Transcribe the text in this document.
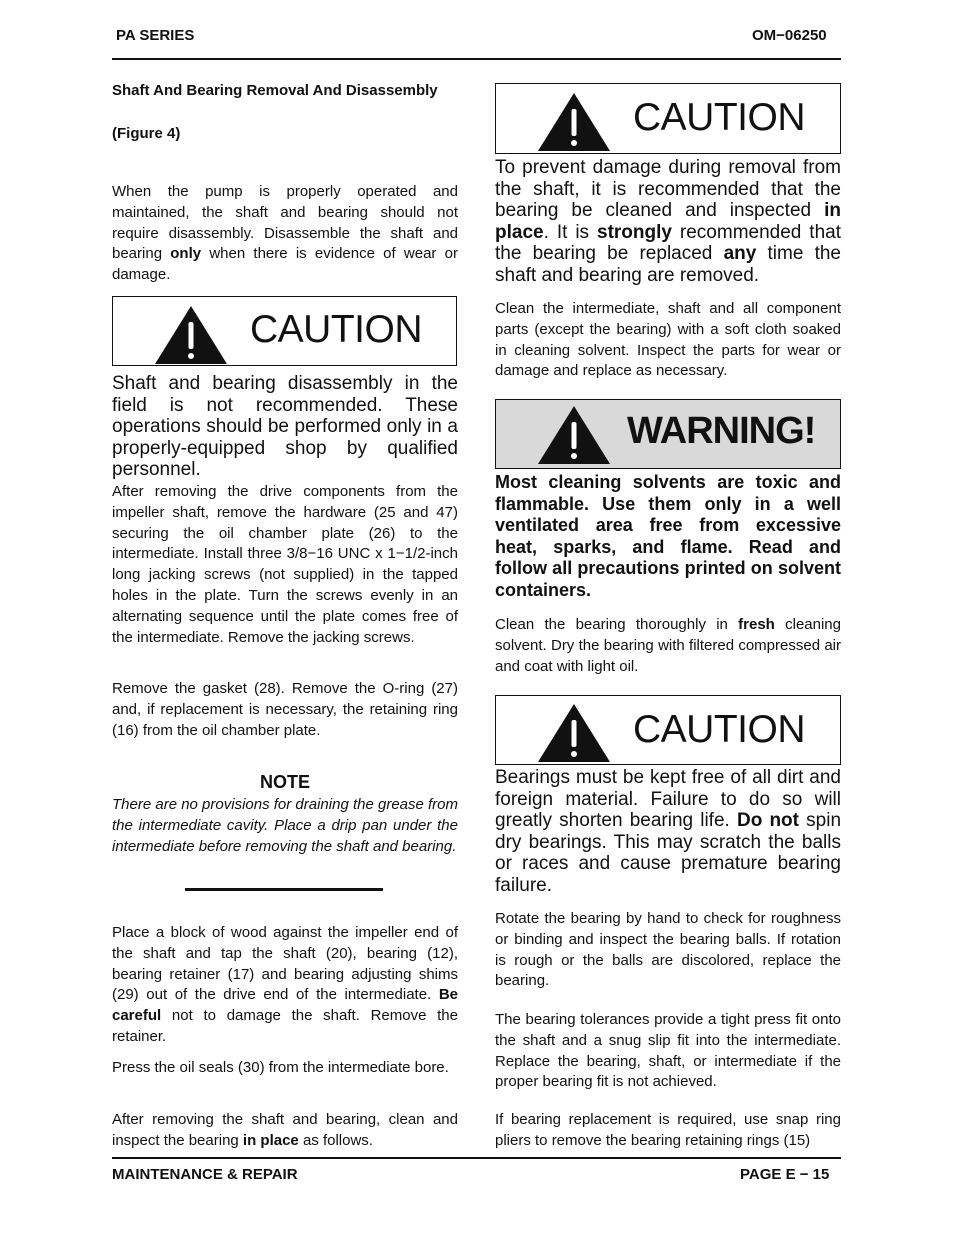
PA SERIES	OM−06250
Shaft And Bearing Removal And Disassembly
(Figure 4)
When the pump is properly operated and maintained, the shaft and bearing should not require disassembly. Disassemble the shaft and bearing only when there is evidence of wear or damage.
CAUTION
Shaft and bearing disassembly in the field is not recommended. These operations should be performed only in a properly-equipped shop by qualified personnel.
After removing the drive components from the impeller shaft, remove the hardware (25 and 47) securing the oil chamber plate (26) to the intermediate. Install three 3/8−16 UNC x 1−1/2-inch long jacking screws (not supplied) in the tapped holes in the plate. Turn the screws evenly in an alternating sequence until the plate comes free of the intermediate. Remove the jacking screws.
Remove the gasket (28). Remove the O-ring (27) and, if replacement is necessary, the retaining ring (16) from the oil chamber plate.
NOTE
There are no provisions for draining the grease from the intermediate cavity. Place a drip pan under the intermediate before removing the shaft and bearing.
Place a block of wood against the impeller end of the shaft and tap the shaft (20), bearing (12), bearing retainer (17) and bearing adjusting shims (29) out of the drive end of the intermediate. Be careful not to damage the shaft. Remove the retainer.
Press the oil seals (30) from the intermediate bore.
After removing the shaft and bearing, clean and inspect the bearing in place as follows.
CAUTION
To prevent damage during removal from the shaft, it is recommended that the bearing be cleaned and inspected in place. It is strongly recommended that the bearing be replaced any time the shaft and bearing are removed.
Clean the intermediate, shaft and all component parts (except the bearing) with a soft cloth soaked in cleaning solvent. Inspect the parts for wear or damage and replace as necessary.
WARNING!
Most cleaning solvents are toxic and flammable. Use them only in a well ventilated area free from excessive heat, sparks, and flame. Read and follow all precautions printed on solvent containers.
Clean the bearing thoroughly in fresh cleaning solvent. Dry the bearing with filtered compressed air and coat with light oil.
CAUTION
Bearings must be kept free of all dirt and foreign material. Failure to do so will greatly shorten bearing life. Do not spin dry bearings. This may scratch the balls or races and cause premature bearing failure.
Rotate the bearing by hand to check for roughness or binding and inspect the bearing balls. If rotation is rough or the balls are discolored, replace the bearing.
The bearing tolerances provide a tight press fit onto the shaft and a snug slip fit into the intermediate. Replace the bearing, shaft, or intermediate if the proper bearing fit is not achieved.
If bearing replacement is required, use snap ring pliers to remove the bearing retaining rings (15)
MAINTENANCE & REPAIR	PAGE E − 15
